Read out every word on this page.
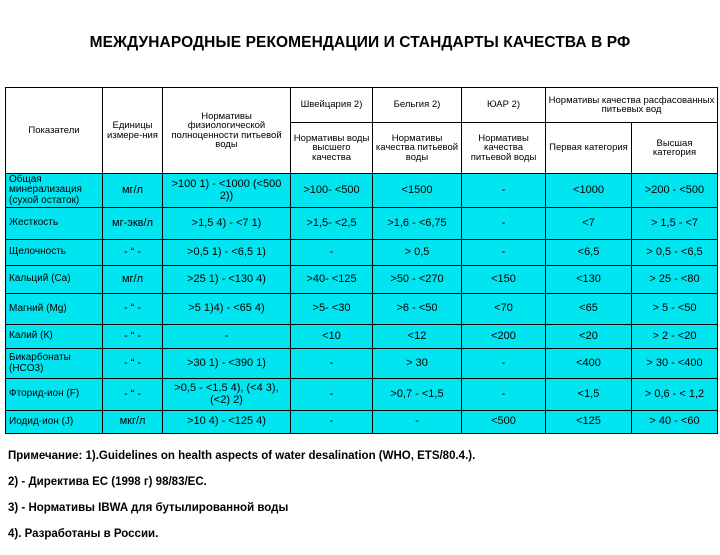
МЕЖДУНАРОДНЫЕ РЕКОМЕНДАЦИИ И СТАНДАРТЫ КАЧЕСТВА В РФ
Показатели	Единицы измере-ния	Нормативы физиологической полноценности питьевой воды	Швейцария 2)	Бельгия 2)	ЮАР 2)	Нормативы качества расфасованных питьевых вод	
			Нормативы воды высшего качества	Нормативы качества питьевой воды	Нормативы качества питьевой воды	Первая категория	Высшая категория
Общая минерализация (сухой остаток)	мг/л	>100 1) - <1000 (<500 2))	>100- <500	<1500	-	<1000	>200 - <500
Жесткость	мг-экв/л	>1,5 4) - <7 1)	>1,5- <2,5	>1,6 - <6,75	-	<7	> 1,5 - <7
Щелочность	- “ -	>0,5 1) - <6,5 1)	-	> 0,5	-	<6,5	> 0,5 - <6,5
Кальций (Ca)	мг/л	>25 1) - <130 4)	>40- <125	>50 - <270	<150	<130	> 25 - <80
Магний (Mg)	- “ -	>5 1)4) - <65 4)	>5- <30	>6 - <50	<70	<65	> 5 - <50
Калий (К)	- “ -	-	<10	<12	<200	<20	> 2 - <20
Бикарбонаты (HCO3)	- “ -	>30 1) - <390 1)	-	> 30	-	<400	> 30 - <400
Фторид-ион (F)	- “ -	>0,5 - <1,5 4), (<4 3),(<2) 2)	-	>0,7 - <1,5	-	<1,5	> 0,6 - < 1,2
Иодид-ион (J)	мкг/л	>10 4) - <125 4)	-	-	<500	<125	> 40 - <60
Примечание: 1).Guidelines on health aspects of water desalination (WHO, ETS/80.4.).
2) - Директива ЕС (1998 г) 98/83/ЕС.
3) - Нормативы IBWA для бутылированной воды
4). Разработаны в России.
